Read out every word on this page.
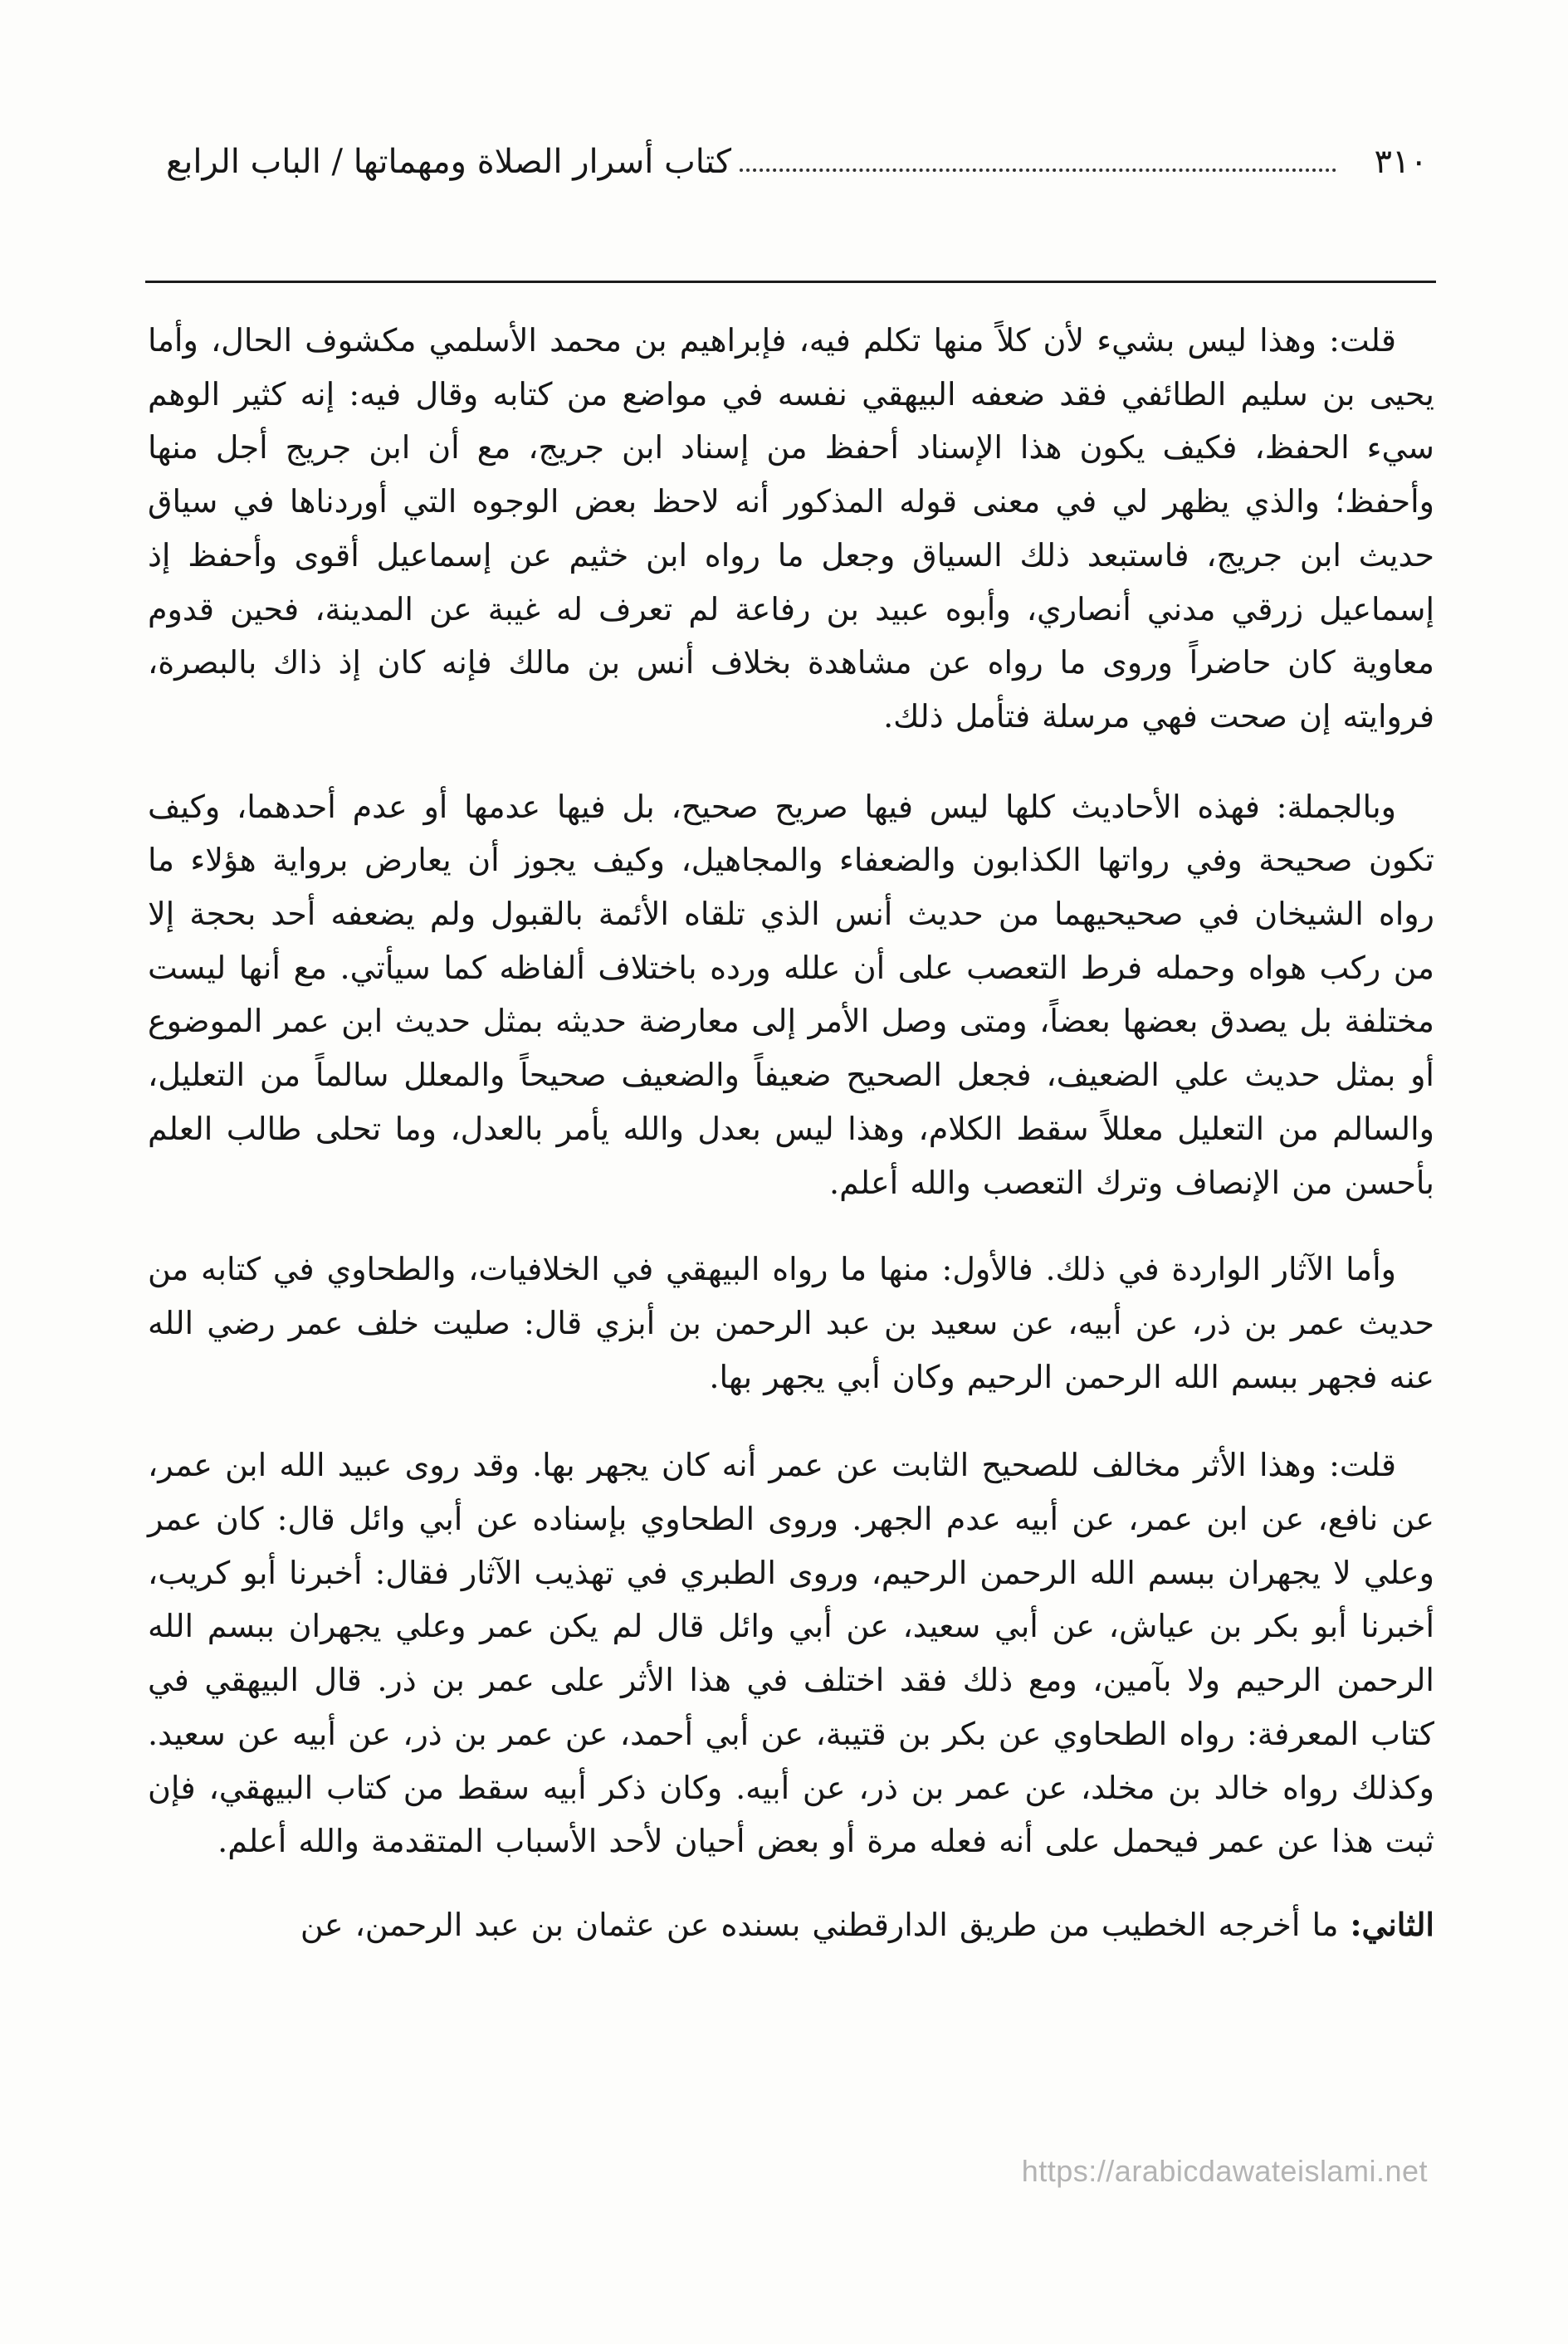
٣١٠
كتاب أسرار الصلاة ومهماتها / الباب الرابع

قلت: وهذا ليس بشيء لأن كلاً منها تكلم فيه، فإبراهيم بن محمد الأسلمي مكشوف الحال، وأما يحيى بن سليم الطائفي فقد ضعفه البيهقي نفسه في مواضع من كتابه وقال فيه: إنه كثير الوهم سيء الحفظ، فكيف يكون هذا الإسناد أحفظ من إسناد ابن جريج، مع أن ابن جريج أجل منها وأحفظ؛ والذي يظهر لي في معنى قوله المذكور أنه لاحظ بعض الوجوه التي أوردناها في سياق حديث ابن جريج، فاستبعد ذلك السياق وجعل ما رواه ابن خثيم عن إسماعيل أقوى وأحفظ إذ إسماعيل زرقي مدني أنصاري، وأبوه عبيد بن رفاعة لم تعرف له غيبة عن المدينة، فحين قدوم معاوية كان حاضراً وروى ما رواه عن مشاهدة بخلاف أنس بن مالك فإنه كان إذ ذاك بالبصرة، فروايته إن صحت فهي مرسلة فتأمل ذلك.

وبالجملة: فهذه الأحاديث كلها ليس فيها صريح صحيح، بل فيها عدمها أو عدم أحدهما، وكيف تكون صحيحة وفي رواتها الكذابون والضعفاء والمجاهيل، وكيف يجوز أن يعارض برواية هؤلاء ما رواه الشيخان في صحيحيهما من حديث أنس الذي تلقاه الأئمة بالقبول ولم يضعفه أحد بحجة إلا من ركب هواه وحمله فرط التعصب على أن علله ورده باختلاف ألفاظه كما سيأتي. مع أنها ليست مختلفة بل يصدق بعضها بعضاً، ومتى وصل الأمر إلى معارضة حديثه بمثل حديث ابن عمر الموضوع أو بمثل حديث علي الضعيف، فجعل الصحيح ضعيفاً والضعيف صحيحاً والمعلل سالماً من التعليل، والسالم من التعليل معللاً سقط الكلام، وهذا ليس بعدل والله يأمر بالعدل، وما تحلى طالب العلم بأحسن من الإنصاف وترك التعصب والله أعلم.

وأما الآثار الواردة في ذلك. فالأول: منها ما رواه البيهقي في الخلافيات، والطحاوي في كتابه من حديث عمر بن ذر، عن أبيه، عن سعيد بن عبد الرحمن بن أبزي قال: صليت خلف عمر رضي الله عنه فجهر ببسم الله الرحمن الرحيم وكان أبي يجهر بها.

قلت: وهذا الأثر مخالف للصحيح الثابت عن عمر أنه كان يجهر بها. وقد روى عبيد الله ابن عمر، عن نافع، عن ابن عمر، عن أبيه عدم الجهر. وروى الطحاوي بإسناده عن أبي وائل قال: كان عمر وعلي لا يجهران ببسم الله الرحمن الرحيم، وروى الطبري في تهذيب الآثار فقال: أخبرنا أبو كريب، أخبرنا أبو بكر بن عياش، عن أبي سعيد، عن أبي وائل قال لم يكن عمر وعلي يجهران ببسم الله الرحمن الرحيم ولا بآمين، ومع ذلك فقد اختلف في هذا الأثر على عمر بن ذر. قال البيهقي في كتاب المعرفة: رواه الطحاوي عن بكر بن قتيبة، عن أبي أحمد، عن عمر بن ذر، عن أبيه عن سعيد. وكذلك رواه خالد بن مخلد، عن عمر بن ذر، عن أبيه. وكان ذكر أبيه سقط من كتاب البيهقي، فإن ثبت هذا عن عمر فيحمل على أنه فعله مرة أو بعض أحيان لأحد الأسباب المتقدمة والله أعلم.

الثاني: ما أخرجه الخطيب من طريق الدارقطني بسنده عن عثمان بن عبد الرحمن، عن

https://arabicdawateislami.net
